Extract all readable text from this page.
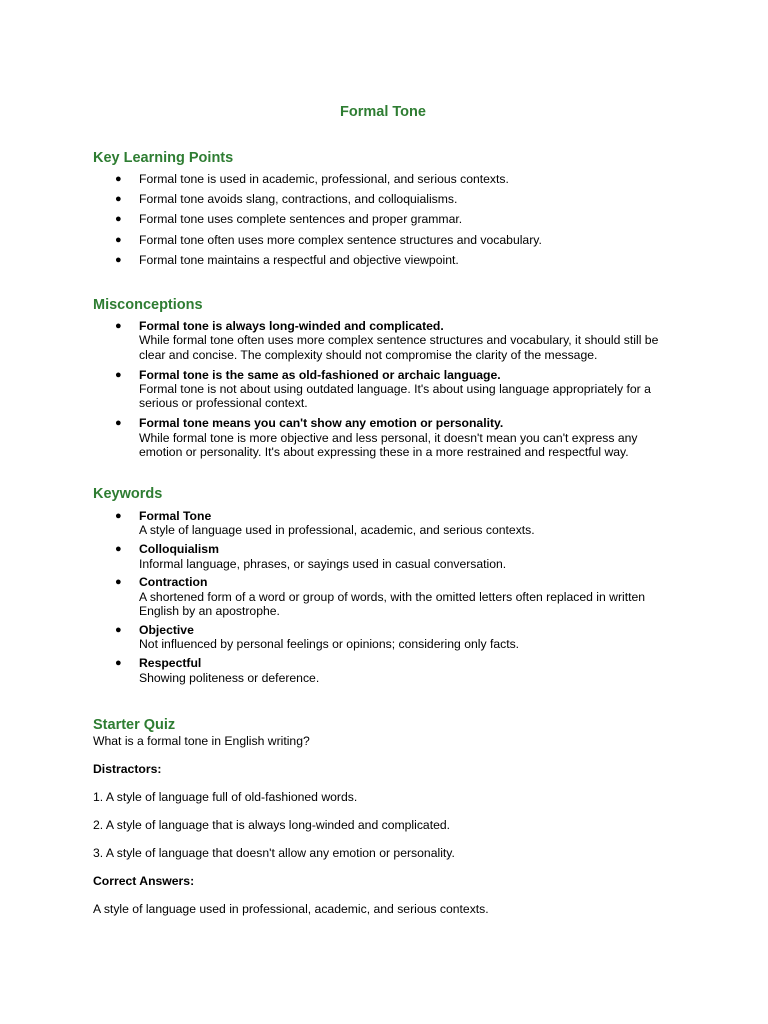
Formal Tone
Key Learning Points
● Formal tone is used in academic, professional, and serious contexts.
● Formal tone avoids slang, contractions, and colloquialisms.
● Formal tone uses complete sentences and proper grammar.
● Formal tone often uses more complex sentence structures and vocabulary.
● Formal tone maintains a respectful and objective viewpoint.
Misconceptions
● Formal tone is always long-winded and complicated.
While formal tone often uses more complex sentence structures and vocabulary, it should still be clear and concise. The complexity should not compromise the clarity of the message.
● Formal tone is the same as old-fashioned or archaic language.
Formal tone is not about using outdated language. It's about using language appropriately for a serious or professional context.
● Formal tone means you can't show any emotion or personality.
While formal tone is more objective and less personal, it doesn't mean you can't express any emotion or personality. It's about expressing these in a more restrained and respectful way.
Keywords
● Formal Tone
A style of language used in professional, academic, and serious contexts.
● Colloquialism
Informal language, phrases, or sayings used in casual conversation.
● Contraction
A shortened form of a word or group of words, with the omitted letters often replaced in written English by an apostrophe.
● Objective
Not influenced by personal feelings or opinions; considering only facts.
● Respectful
Showing politeness or deference.
Starter Quiz

What is a formal tone in English writing?

Distractors:

1. A style of language full of old-fashioned words.

2. A style of language that is always long-winded and complicated.

3. A style of language that doesn't allow any emotion or personality.

Correct Answers:

A style of language used in professional, academic, and serious contexts.
